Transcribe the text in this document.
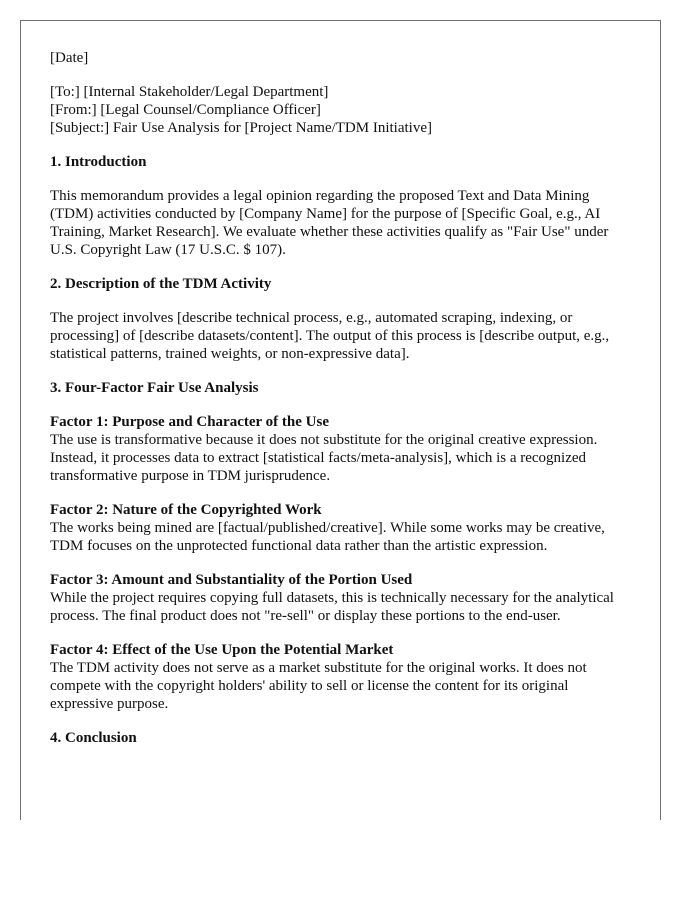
[Date]

[To:] [Internal Stakeholder/Legal Department]

[From:] [Legal Counsel/Compliance Officer]

[Subject:] Fair Use Analysis for [Project Name/TDM Initiative]

1. Introduction

This memorandum provides a legal opinion regarding the proposed Text and Data Mining (TDM) activities conducted by [Company Name] for the purpose of [Specific Goal, e.g., AI Training, Market Research]. We evaluate whether these activities qualify as "Fair Use" under U.S. Copyright Law (17 U.S.C. $ 107).

2. Description of the TDM Activity

The project involves [describe technical process, e.g., automated scraping, indexing, or processing] of [describe datasets/content]. The output of this process is [describe output, e.g., statistical patterns, trained weights, or non-expressive data].

3. Four-Factor Fair Use Analysis

Factor 1: Purpose and Character of the Use

The use is transformative because it does not substitute for the original creative expression. Instead, it processes data to extract [statistical facts/meta-analysis], which is a recognized transformative purpose in TDM jurisprudence.

Factor 2: Nature of the Copyrighted Work

The works being mined are [factual/published/creative]. While some works may be creative, TDM focuses on the unprotected functional data rather than the artistic expression.

Factor 3: Amount and Substantiality of the Portion Used

While the project requires copying full datasets, this is technically necessary for the analytical process. The final product does not "re-sell" or display these portions to the end-user.

Factor 4: Effect of the Use Upon the Potential Market

The TDM activity does not serve as a market substitute for the original works. It does not compete with the copyright holders' ability to sell or license the content for its original expressive purpose.

4. Conclusion
